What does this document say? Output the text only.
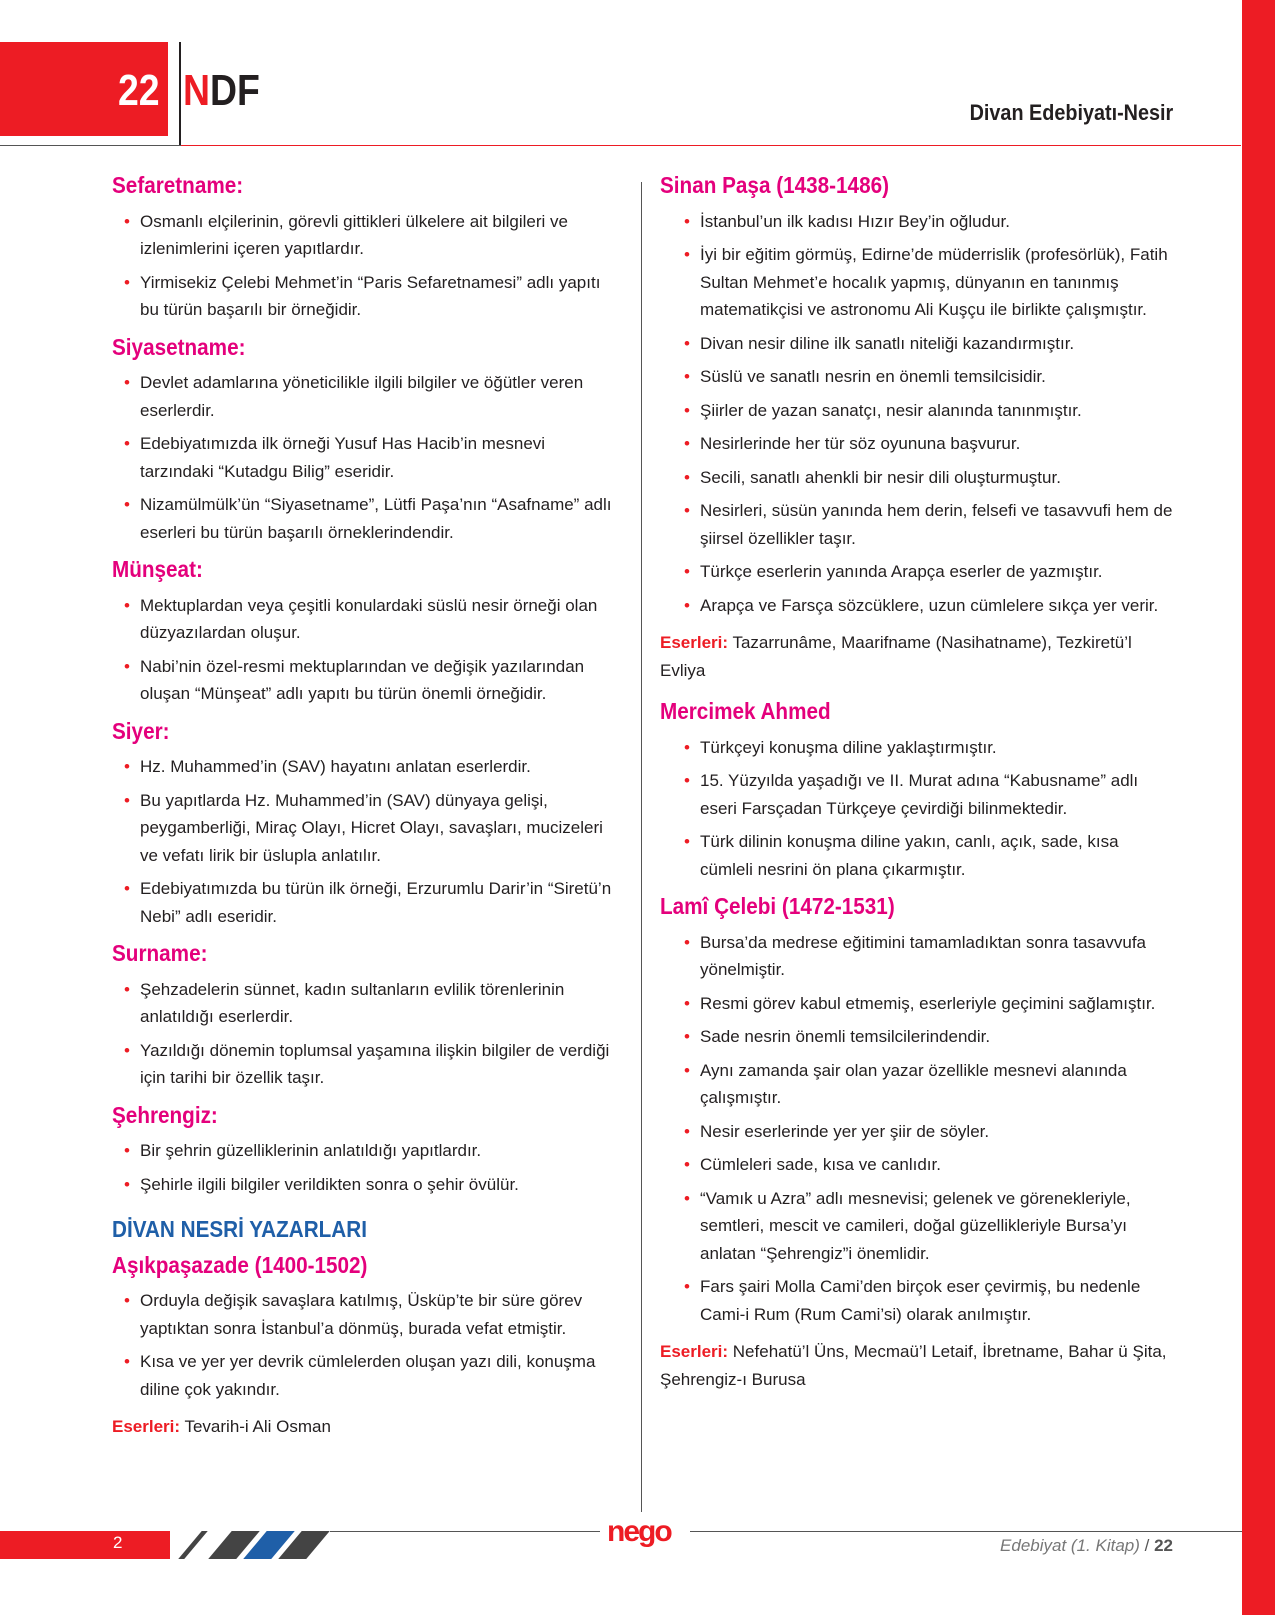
22 NDF	Divan Edebiyatı-Nesir
Sefaretname:
• Osmanlı elçilerinin, görevli gittikleri ülkelere ait bilgileri ve izlenimlerini içeren yapıtlardır.
• Yirmisekiz Çelebi Mehmet’in “Paris Sefaretnamesi” adlı yapıtı bu türün başarılı bir örneğidir.
Siyasetname:
• Devlet adamlarına yöneticilikle ilgili bilgiler ve öğütler veren eserlerdir.
• Edebiyatımızda ilk örneği Yusuf Has Hacib’in mesnevi tarzındaki “Kutadgu Bilig” eseridir.
• Nizamülmülk’ün “Siyasetname”, Lütfi Paşa’nın “Asafname” adlı eserleri bu türün başarılı örneklerindendir.
Münşeat:
• Mektuplardan veya çeşitli konulardaki süslü nesir örneği olan düzyazılardan oluşur.
• Nabi’nin özel-resmi mektuplarından ve değişik yazılarından oluşan “Münşeat” adlı yapıtı bu türün önemli örneğidir.
Siyer:
• Hz. Muhammed’in (SAV) hayatını anlatan eserlerdir.
• Bu yapıtlarda Hz. Muhammed’in (SAV) dünyaya gelişi, peygamberliği, Miraç Olayı, Hicret Olayı, savaşları, mucizeleri ve vefatı lirik bir üslupla anlatılır.
• Edebiyatımızda bu türün ilk örneği, Erzurumlu Darir’in “Siretü’n Nebi” adlı eseridir.
Surname:
• Şehzadelerin sünnet, kadın sultanların evlilik törenlerinin anlatıldığı eserlerdir.
• Yazıldığı dönemin toplumsal yaşamına ilişkin bilgiler de verdiği için tarihi bir özellik taşır.
Şehrengiz:
• Bir şehrin güzelliklerinin anlatıldığı yapıtlardır.
• Şehirle ilgili bilgiler verildikten sonra o şehir övülür.
DİVAN NESRİ YAZARLARI
Aşıkpaşazade (1400-1502)
• Orduyla değişik savaşlara katılmış, Üsküp’te bir süre görev yaptıktan sonra İstanbul’a dönmüş, burada vefat etmiştir.
• Kısa ve yer yer devrik cümlelerden oluşan yazı dili, konuşma diline çok yakındır.

Eserleri: Tevarih-i Ali Osman

Sinan Paşa (1438-1486)
• İstanbul’un ilk kadısı Hızır Bey’in oğludur.
• İyi bir eğitim görmüş, Edirne’de müderrislik (profesörlük), Fatih Sultan Mehmet’e hocalık yapmış, dünyanın en tanınmış matematikçisi ve astronomu Ali Kuşçu ile birlikte çalışmıştır.
• Divan nesir diline ilk sanatlı niteliği kazandırmıştır.
• Süslü ve sanatlı nesrin en önemli temsilcisidir.
• Şiirler de yazan sanatçı, nesir alanında tanınmıştır.
• Nesirlerinde her tür söz oyununa başvurur.
• Secili, sanatlı ahenkli bir nesir dili oluşturmuştur.
• Nesirleri, süsün yanında hem derin, felsefi ve tasavvufi hem de şiirsel özellikler taşır.
• Türkçe eserlerin yanında Arapça eserler de yazmıştır.
• Arapça ve Farsça sözcüklere, uzun cümlelere sıkça yer verir.

Eserleri: Tazarrunâme, Maarifname (Nasihatname), Tezkiretü’l Evliya

Mercimek Ahmed
• Türkçeyi konuşma diline yaklaştırmıştır.
• 15. Yüzyılda yaşadığı ve II. Murat adına “Kabusname” adlı eseri Farsçadan Türkçeye çevirdiği bilinmektedir.
• Türk dilinin konuşma diline yakın, canlı, açık, sade, kısa cümleli nesrini ön plana çıkarmıştır.
Lamî Çelebi (1472-1531)
• Bursa’da medrese eğitimini tamamladıktan sonra tasavvufa yönelmiştir.
• Resmi görev kabul etmemiş, eserleriyle geçimini sağlamıştır.
• Sade nesrin önemli temsilcilerindendir.
• Aynı zamanda şair olan yazar özellikle mesnevi alanında çalışmıştır.
• Nesir eserlerinde yer yer şiir de söyler.
• Cümleleri sade, kısa ve canlıdır.
• “Vamık u Azra” adlı mesnevisi; gelenek ve görenekleriyle, semtleri, mescit ve camileri, doğal güzellikleriyle Bursa’yı anlatan “Şehrengiz”i önemlidir.
• Fars şairi Molla Cami’den birçok eser çevirmiş, bu nedenle Cami-i Rum (Rum Cami’si) olarak anılmıştır.

Eserleri: Nefehatü’l Üns, Mecmaü’l Letaif, İbretname, Bahar ü Şita, Şehrengiz-ı Burusa

2	nego	Edebiyat (1. Kitap) / 22
